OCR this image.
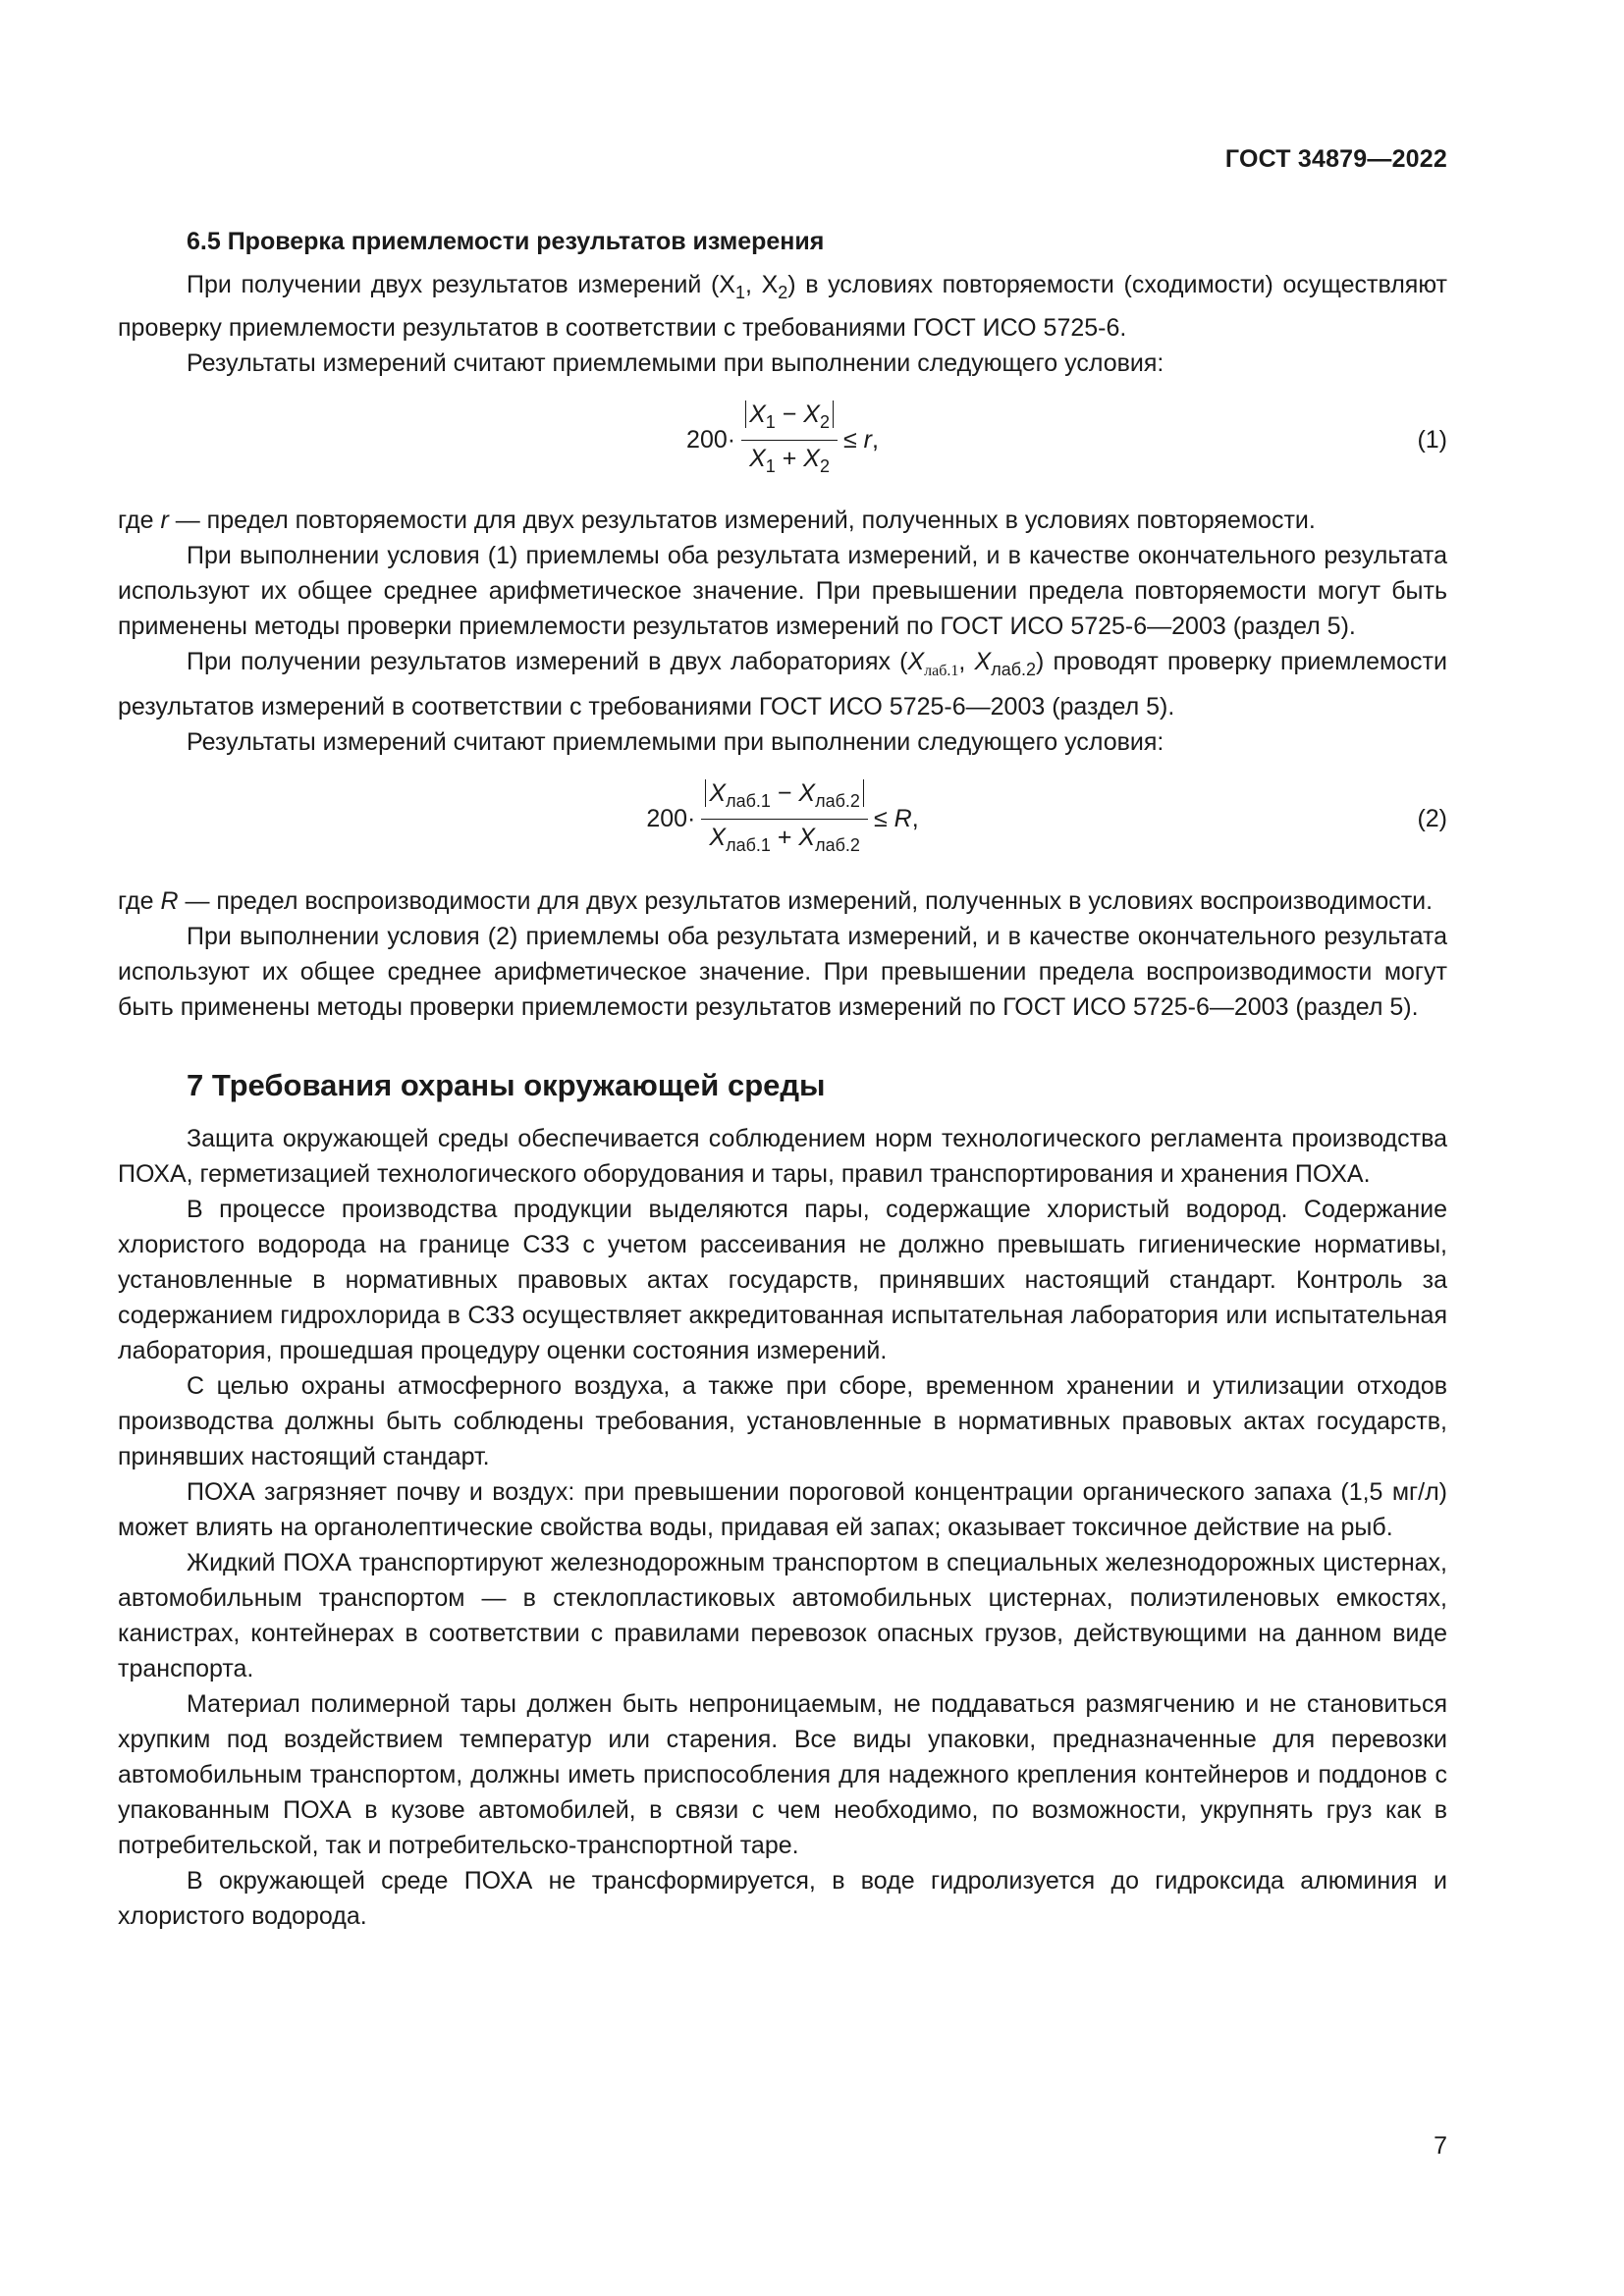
ГОСТ 34879—2022
6.5 Проверка приемлемости результатов измерения

При получении двух результатов измерений ($X_1$, $X_2$) в условиях повторяемости (сходимости) осуществляют проверку приемлемости результатов в соответствии с требованиями ГОСТ ИСО 5725-6.

Результаты измерений считают приемлемыми при выполнении следующего условия:

$200\cdot \frac{X_1 - X_2}{X_1 + X_2} \le r$,	(1)

где r — предел повторяемости для двух результатов измерений, полученных в условиях повторяемости.

При выполнении условия (1) приемлемы оба результата измерений, и в качестве окончательного результата используют их общее среднее арифметическое значение. При превышении предела повторяемости могут быть применены методы проверки приемлемости результатов измерений по ГОСТ ИСО 5725-6—2003 (раздел 5).

При получении результатов измерений в двух лабораториях ($X_{лаб.1}$, $X_{лаб.2}$) проводят проверку приемлемости результатов измерений в соответствии с требованиями ГОСТ ИСО 5725-6—2003 (раздел 5).

Результаты измерений считают приемлемыми при выполнении следующего условия:

$200\cdot \frac{X_{лаб.1} - X_{лаб.2}}{X_{лаб.1} + X_{лаб.2}} \le R$,	(2)

где R — предел воспроизводимости для двух результатов измерений, полученных в условиях воспроизводимости.

При выполнении условия (2) приемлемы оба результата измерений, и в качестве окончательного результата используют их общее среднее арифметическое значение. При превышении предела воспроизводимости могут быть применены методы проверки приемлемости результатов измерений по ГОСТ ИСО 5725-6—2003 (раздел 5).

7 Требования охраны окружающей среды

Защита окружающей среды обеспечивается соблюдением норм технологического регламента производства ПОХА, герметизацией технологического оборудования и тары, правил транспортирования и хранения ПОХА.

В процессе производства продукции выделяются пары, содержащие хлористый водород. Содержание хлористого водорода на границе СЗЗ с учетом рассеивания не должно превышать гигиенические нормативы, установленные в нормативных правовых актах государств, принявших настоящий стандарт. Контроль за содержанием гидрохлорида в СЗЗ осуществляет аккредитованная испытательная лаборатория или испытательная лаборатория, прошедшая процедуру оценки состояния измерений.

С целью охраны атмосферного воздуха, а также при сборе, временном хранении и утилизации отходов производства должны быть соблюдены требования, установленные в нормативных правовых актах государств, принявших настоящий стандарт.

ПОХА загрязняет почву и воздух: при превышении пороговой концентрации органического запаха (1,5 мг/л) может влиять на органолептические свойства воды, придавая ей запах; оказывает токсичное действие на рыб.

Жидкий ПОХА транспортируют железнодорожным транспортом в специальных железнодорожных цистернах, автомобильным транспортом — в стеклопластиковых автомобильных цистернах, полиэтиленовых емкостях, канистрах, контейнерах в соответствии с правилами перевозок опасных грузов, действующими на данном виде транспорта.

Материал полимерной тары должен быть непроницаемым, не поддаваться размягчению и не становиться хрупким под воздействием температур или старения. Все виды упаковки, предназначенные для перевозки автомобильным транспортом, должны иметь приспособления для надежного крепления контейнеров и поддонов с упакованным ПОХА в кузове автомобилей, в связи с чем необходимо, по возможности, укрупнять груз как в потребительской, так и потребительско-транспортной таре.

В окружающей среде ПОХА не трансформируется, в воде гидролизуется до гидроксида алюминия и хлористого водорода.

7
